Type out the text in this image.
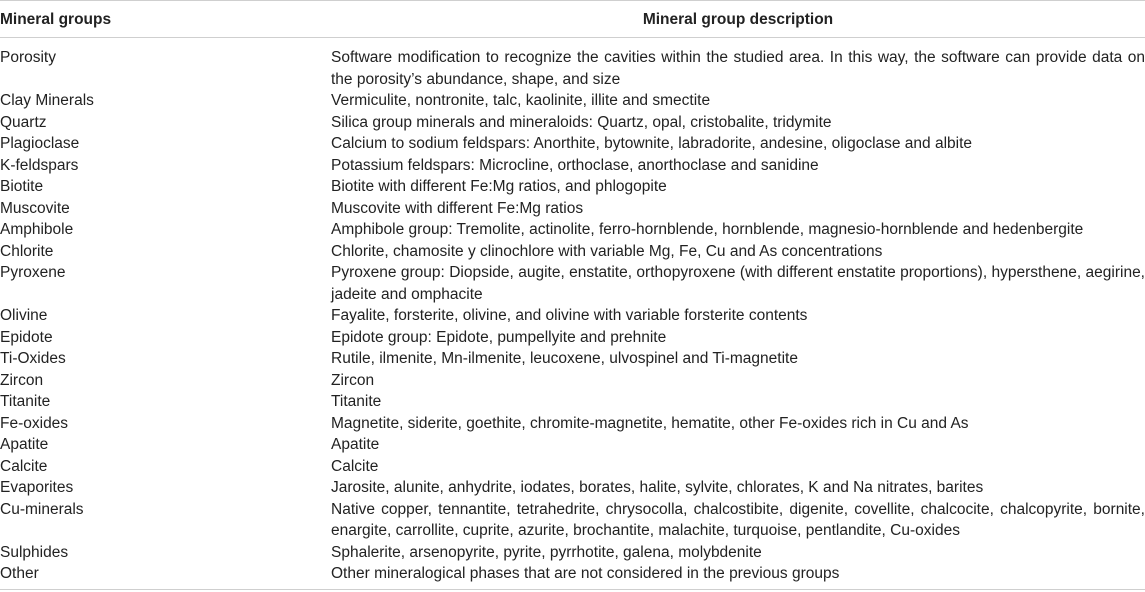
Mineral groups	Mineral group description
Porosity	Software modification to recognize the cavities within the studied area. In this way, the software can provide data on the porosity’s abundance, shape, and size
Clay Minerals	Vermiculite, nontronite, talc, kaolinite, illite and smectite
Quartz	Silica group minerals and mineraloids: Quartz, opal, cristobalite, tridymite
Plagioclase	Calcium to sodium feldspars: Anorthite, bytownite, labradorite, andesine, oligoclase and albite
K-feldspars	Potassium feldspars: Microcline, orthoclase, anorthoclase and sanidine
Biotite	Biotite with different Fe:Mg ratios, and phlogopite
Muscovite	Muscovite with different Fe:Mg ratios
Amphibole	Amphibole group: Tremolite, actinolite, ferro-hornblende, hornblende, magnesio-hornblende and hedenbergite
Chlorite	Chlorite, chamosite y clinochlore with variable Mg, Fe, Cu and As concentrations
Pyroxene	Pyroxene group: Diopside, augite, enstatite, orthopyroxene (with different enstatite proportions), hypersthene, aegirine, jadeite and omphacite
Olivine	Fayalite, forsterite, olivine, and olivine with variable forsterite contents
Epidote	Epidote group: Epidote, pumpellyite and prehnite
Ti-Oxides	Rutile, ilmenite, Mn-ilmenite, leucoxene, ulvospinel and Ti-magnetite
Zircon	Zircon
Titanite	Titanite
Fe-oxides	Magnetite, siderite, goethite, chromite-magnetite, hematite, other Fe-oxides rich in Cu and As
Apatite	Apatite
Calcite	Calcite
Evaporites	Jarosite, alunite, anhydrite, iodates, borates, halite, sylvite, chlorates, K and Na nitrates, barites
Cu-minerals	Native copper, tennantite, tetrahedrite, chrysocolla, chalcostibite, digenite, covellite, chalcocite, chalcopyrite, bornite, enargite, carrollite, cuprite, azurite, brochantite, malachite, turquoise, pentlandite, Cu-oxides
Sulphides	Sphalerite, arsenopyrite, pyrite, pyrrhotite, galena, molybdenite
Other	Other mineralogical phases that are not considered in the previous groups
